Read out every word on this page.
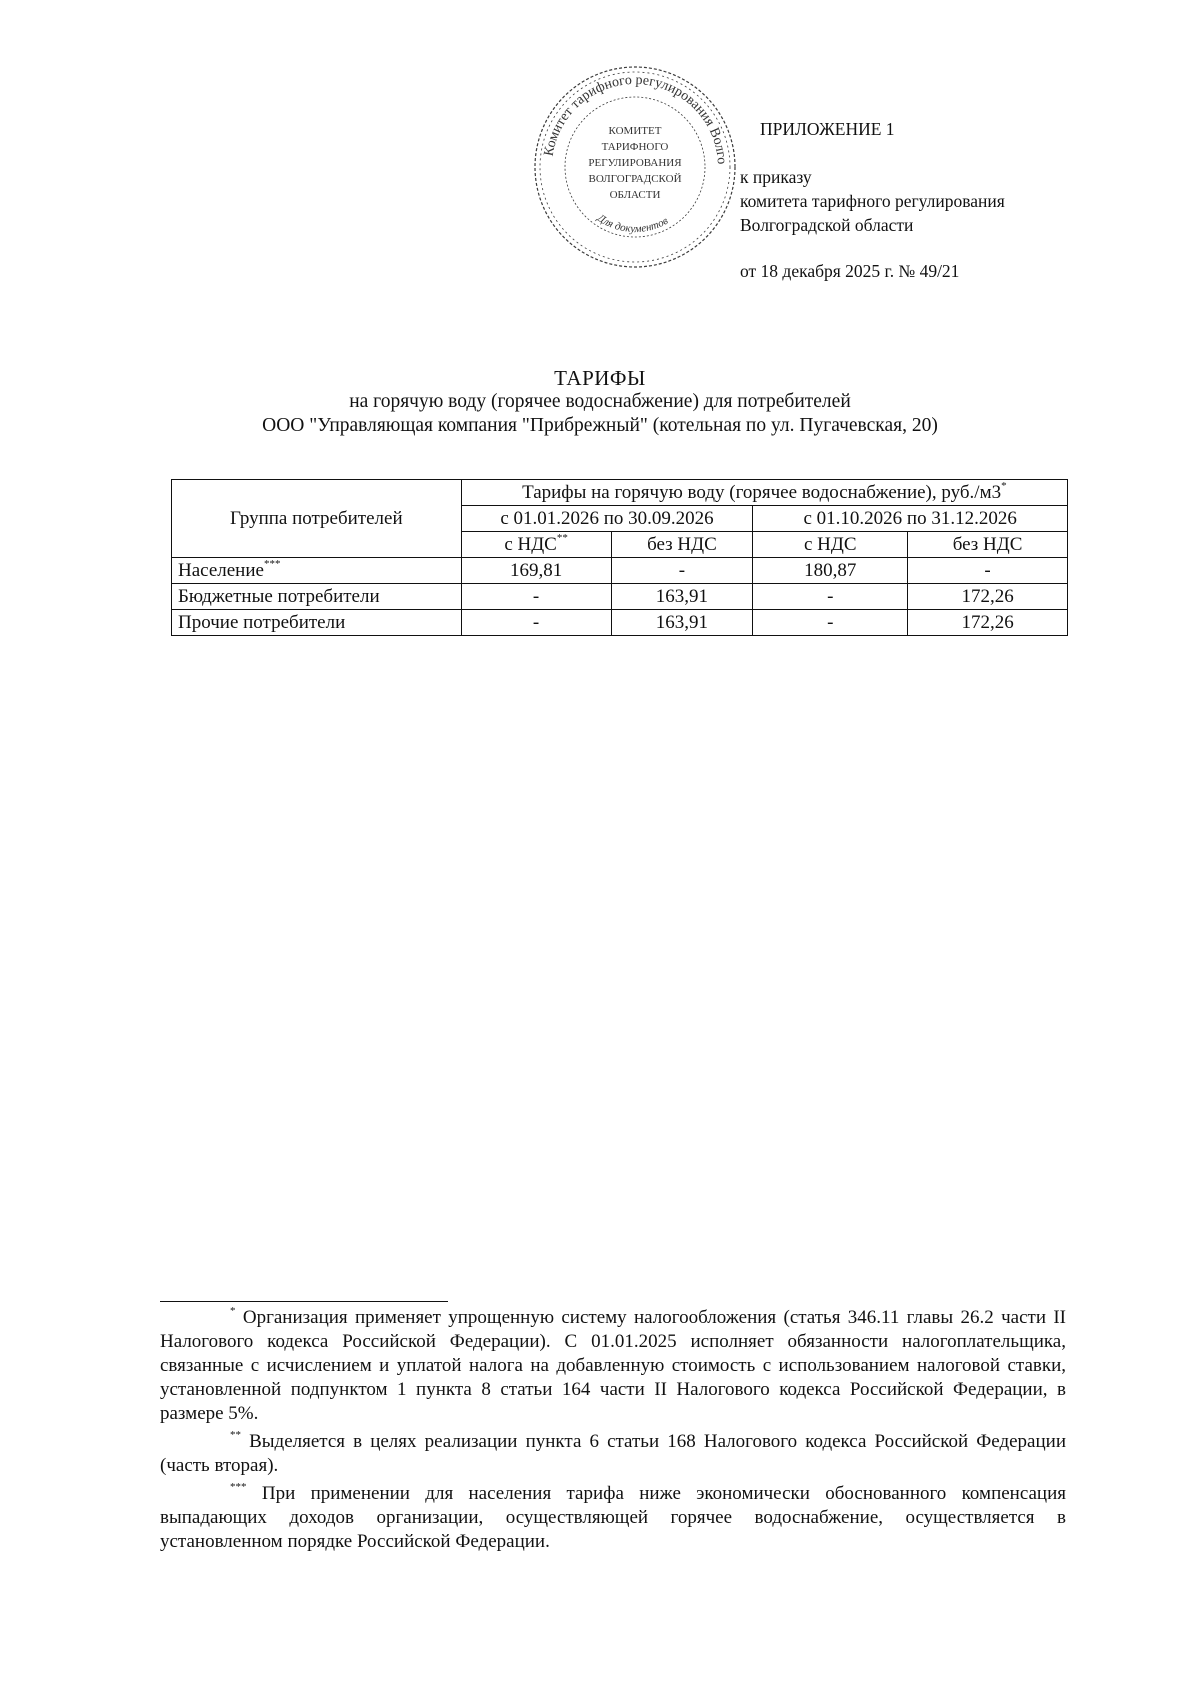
Комитет тарифного регулирования Волго
Для документов
КОМИТЕТ
ТАРИФНОГО
РЕГУЛИРОВАНИЯ
ВОЛГОГРАДСКОЙ
ОБЛАСТИ
ПРИЛОЖЕНИЕ 1
к приказу
комитета тарифного регулирования
Волгоградской области
от 18 декабря 2025 г. № 49/21
ТАРИФЫ
на горячую воду (горячее водоснабжение) для потребителей
ООО "Управляющая компания "Прибрежный" (котельная по ул. Пугачевская, 20)
Группа потребителей	Тарифы на горячую воду (горячее водоснабжение), руб./м3*
	с 01.01.2026 по 30.09.2026		с 01.10.2026 по 31.12.2026	
	с НДС**	без НДС	с НДС	без НДС
Население***	169,81	-	180,87	-
Бюджетные потребители	-	163,91	-	172,26
Прочие потребители	-	163,91	-	172,26

* Организация применяет упрощенную систему налогообложения (статья 346.11 главы 26.2 части II Налогового кодекса Российской Федерации). С 01.01.2025 исполняет обязанности налогоплательщика, связанные с исчислением и уплатой налога на добавленную стоимость с использованием налоговой ставки, установленной подпунктом 1 пункта 8 статьи 164 части II Налогового кодекса Российской Федерации, в размере 5%.

** Выделяется в целях реализации пункта 6 статьи 168 Налогового кодекса Российской Федерации (часть вторая).

*** При применении для населения тарифа ниже экономически обоснованного компенсация выпадающих доходов организации, осуществляющей горячее водоснабжение, осуществляется в установленном порядке Российской Федерации.
